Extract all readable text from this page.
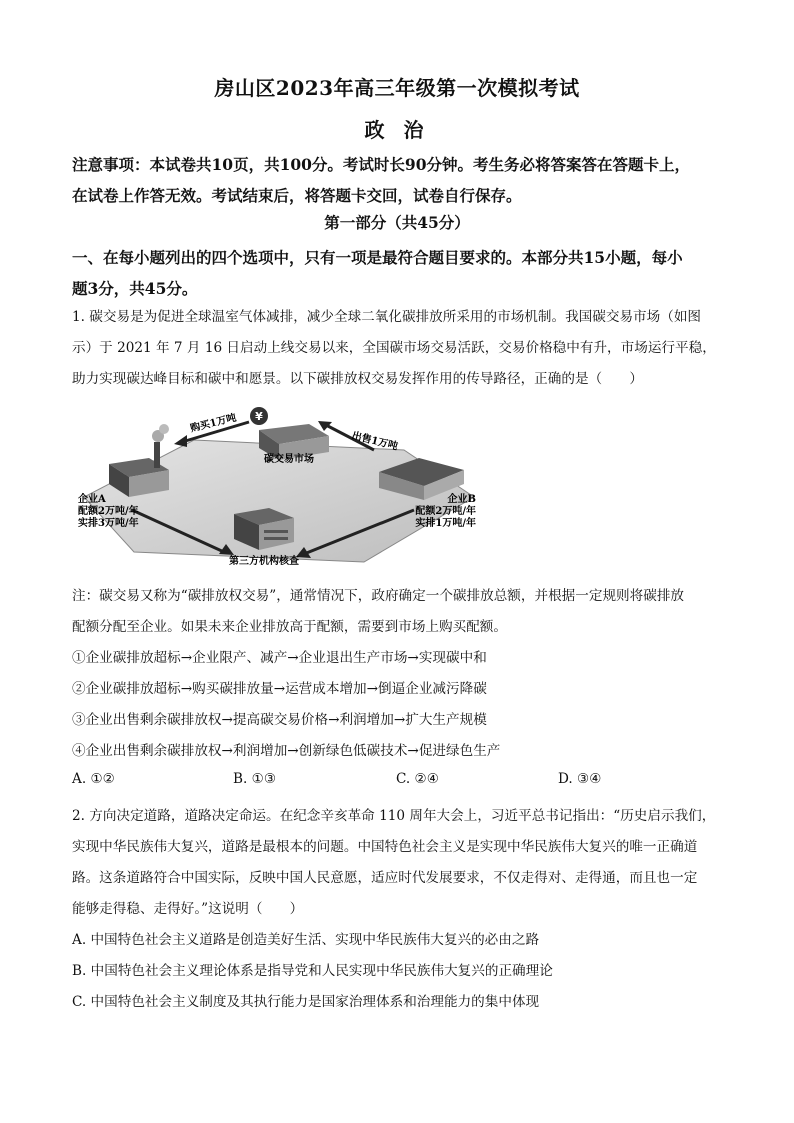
房山区2023年高三年级第一次模拟考试
政 治
注意事项：本试卷共10页，共100分。考试时长90分钟。考生务必将答案答在答题卡上，
在试卷上作答无效。考试结束后，将答题卡交回，试卷自行保存。
第一部分（共45分）
一、在每小题列出的四个选项中，只有一项是最符合题目要求的。本部分共15小题，每小
题3分，共45分。
1. 碳交易是为促进全球温室气体减排，减少全球二氧化碳排放所采用的市场机制。我国碳交易市场（如图
示）于 2021 年 7 月 16 日启动上线交易以来，全国碳市场交易活跃，交易价格稳中有升，市场运行平稳，
助力实现碳达峰目标和碳中和愿景。以下碳排放权交易发挥作用的传导路径，正确的是（　　）
¥
购买1万吨
出售1万吨
碳交易市场
企业A
配额2万吨/年
实排3万吨/年
企业B
配额2万吨/年
实排1万吨/年
第三方机构核查
注：碳交易又称为“碳排放权交易”，通常情况下，政府确定一个碳排放总额，并根据一定规则将碳排放
配额分配至企业。如果未来企业排放高于配额，需要到市场上购买配额。
①企业碳排放超标→企业限产、减产→企业退出生产市场→实现碳中和
②企业碳排放超标→购买碳排放量→运营成本增加→倒逼企业减污降碳
③企业出售剩余碳排放权→提高碳交易价格→利润增加→扩大生产规模
④企业出售剩余碳排放权→利润增加→创新绿色低碳技术→促进绿色生产
A. ①②	B. ①③	C. ②④	D. ③④
2. 方向决定道路，道路决定命运。在纪念辛亥革命 110 周年大会上，习近平总书记指出：“历史启示我们，
实现中华民族伟大复兴，道路是最根本的问题。中国特色社会主义是实现中华民族伟大复兴的唯一正确道
路。这条道路符合中国实际，反映中国人民意愿，适应时代发展要求，不仅走得对、走得通，而且也一定
能够走得稳、走得好。”这说明（　　）
A. 中国特色社会主义道路是创造美好生活、实现中华民族伟大复兴的必由之路
B. 中国特色社会主义理论体系是指导党和人民实现中华民族伟大复兴的正确理论
C. 中国特色社会主义制度及其执行能力是国家治理体系和治理能力的集中体现
